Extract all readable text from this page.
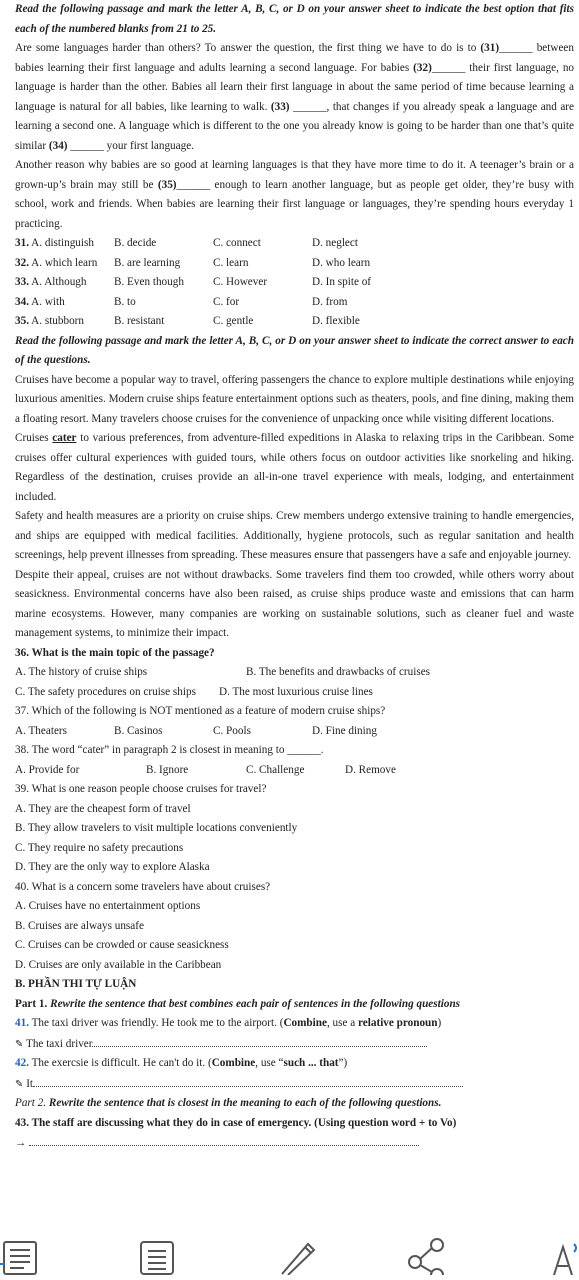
Read the following passage and mark the letter A, B, C, or D on your answer sheet to indicate the best option that fits each of the numbered blanks from 21 to 25.

Are some languages harder than others? To answer the question, the first thing we have to do is to (31)______ between babies learning their first language and adults learning a second language. For babies (32)______ their first language, no language is harder than the other. Babies all learn their first language in about the same period of time because learning a language is natural for all babies, like learning to walk. (33) ______, that changes if you already speak a language and are learning a second one. A language which is different to the one you already know is going to be harder than one that’s quite similar (34) ______ your first language.

Another reason why babies are so good at learning languages is that they have more time to do it. A teenager’s brain or a grown-up’s brain may still be (35)______ enough to learn another language, but as people get older, they’re busy with school, work and friends. When babies are learning their first language or languages, they’re spending hours everyday 1 practicing.

31. A. distinguish	B. decide	C. connect	D. neglect
32. A. which learn	B. are learning	C. learn	D. who learn
33. A. Although	B. Even though	C. However	D. In spite of
34. A. with	B. to	C. for	D. from
35. A. stubborn	B. resistant	C. gentle	D. flexible

Read the following passage and mark the letter A, B, C, or D on your answer sheet to indicate the correct answer to each of the questions.

Cruises have become a popular way to travel, offering passengers the chance to explore multiple destinations while enjoying luxurious amenities. Modern cruise ships feature entertainment options such as theaters, pools, and fine dining, making them a floating resort. Many travelers choose cruises for the convenience of unpacking once while visiting different locations.

Cruises cater to various preferences, from adventure-filled expeditions in Alaska to relaxing trips in the Caribbean. Some cruises offer cultural experiences with guided tours, while others focus on outdoor activities like snorkeling and hiking. Regardless of the destination, cruises provide an all-in-one travel experience with meals, lodging, and entertainment included.

Safety and health measures are a priority on cruise ships. Crew members undergo extensive training to handle emergencies, and ships are equipped with medical facilities. Additionally, hygiene protocols, such as regular sanitation and health screenings, help prevent illnesses from spreading. These measures ensure that passengers have a safe and enjoyable journey.

Despite their appeal, cruises are not without drawbacks. Some travelers find them too crowded, while others worry about seasickness. Environmental concerns have also been raised, as cruise ships produce waste and emissions that can harm marine ecosystems. However, many companies are working on sustainable solutions, such as cleaner fuel and waste management systems, to minimize their impact.

36. What is the main topic of the passage?

A. The history of cruise ships	B. The benefits and drawbacks of cruises
C. The safety procedures on cruise ships	D. The most luxurious cruise lines

37. Which of the following is NOT mentioned as a feature of modern cruise ships?

A. Theaters	B. Casinos	C. Pools	D. Fine dining

38. The word “cater” in paragraph 2 is closest in meaning to ______.

A. Provide for	B. Ignore	C. Challenge	D. Remove

39. What is one reason people choose cruises for travel?

A. They are the cheapest form of travel

B. They allow travelers to visit multiple locations conveniently

C. They require no safety precautions

D. They are the only way to explore Alaska

40. What is a concern some travelers have about cruises?

A. Cruises have no entertainment options

B. Cruises are always unsafe

C. Cruises can be crowded or cause seasickness

D. Cruises are only available in the Caribbean

B. PHẦN THI TỰ LUẬN

Part 1. Rewrite the sentence that best combines each pair of sentences in the following questions

41. The taxi driver was friendly. He took me to the airport. (Combine, use a relative pronoun)

✎ The taxi driver

42. The exercsie is difficult. He can't do it. (Combine, use “such ... that”)

✎ It

Part 2. Rewrite the sentence that is closest in the meaning to each of the following questions.

43. The staff are discussing what they do in case of emergency. (Using question word + to Vo)

→
